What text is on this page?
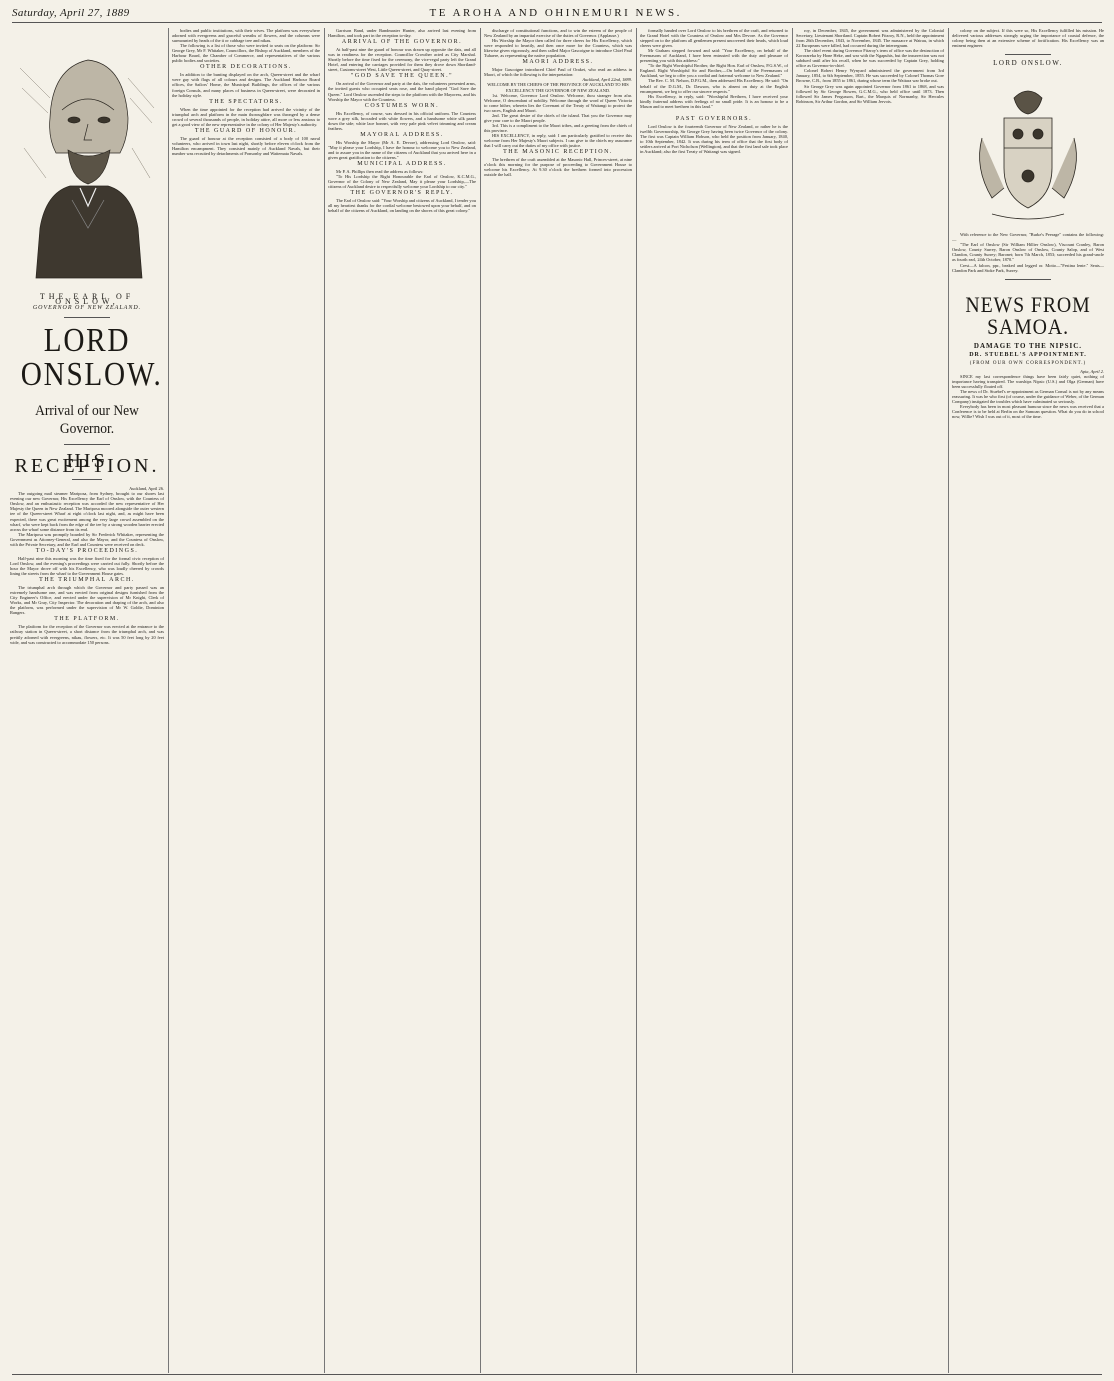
Saturday, April 27, 1889	TE AROHA AND OHINEMURI NEWS.
THE EARL OF ONSLOW,
GOVERNOR OF NEW ZEALAND.
LORD ONSLOW.
Arrival of our New Governor.
HIS RECEPTION.

Auckland, April 26.

The outgoing mail steamer Mariposa, from Sydney, brought to our shores last evening our new Governor, His Excellency the Earl of Onslow, with the Countess of Onslow, and an enthusiastic reception was accorded the new representative of Her Majesty the Queen in New Zealand. The Mariposa moored alongside the outer western tee of the Queen-street Wharf at eight o'clock last night, and, as might have been expected, there was great excitement among the very large crowd assembled on the wharf, who were kept back from the edge of the tee by a strong wooden barrier erected across the wharf some distance from its end.

The Mariposa was promptly boarded by Sir Frederick Whitaker, representing the Government as Attorney-General, and also the Mayor, and the Countess of Onslow, with the Private Secretary, and the Earl and Countess were received on deck.

TO-DAY'S PROCEEDINGS.

Half-past nine this morning was the time fixed for the formal civic reception of Lord Onslow, and the evening's proceedings were carried out fully. Shortly before the hour the Mayor drove off with his Excellency, who was loudly cheered by crowds lining the streets from the wharf to the Government House gates.

THE TRIUMPHAL ARCH.

The triumphal arch through which the Governor and party passed was an extremely handsome one, and was erected from original designs furnished from the City Engineer's Office, and erected under the supervision of Mr Knight, Clerk of Works, and Mr Gray, City Inspector. The decoration and draping of the arch, and also the platform, was performed under the supervision of Mr W. Goldie, Dominion Rangers.

THE PLATFORM.

The platform for the reception of the Governor was erected at the entrance to the railway station in Queen-street, a short distance from the triumphal arch, and was prettily adorned with evergreens, nikau, flowers, etc. It was 50 feet long by 20 feet wide, and was constructed to accommodate 150 persons.

bodies and public institutions, with their wives. The platform was everywhere adorned with evergreens and graceful wreaths of flowers, and the columns were surmounted by heads of the ti or cabbage tree and nikau.

The following is a list of those who were invited to seats on the platform: Sir George Grey, Mr F. Whitaker, Councillors, the Bishop of Auckland, members of the Harbour Board, the Chamber of Commerce, and representatives of the various public bodies and societies.

OTHER DECORATIONS.

In addition to the bunting displayed on the arch, Queen-street and the wharf were gay with flags of all colours and designs. The Auckland Harbour Board offices, the Sailors' Home, the Municipal Buildings, the offices of the various foreign Consuls, and many places of business in Queen-street, were decorated in the holiday style.

THE SPECTATORS.

When the time appointed for the reception had arrived the vicinity of the triumphal arch and platform in the main thoroughfare was thronged by a dense crowd of several thousands of people, in holiday attire, all more or less anxious to get a good view of the new representative in the colony of Her Majesty's authority.

THE GUARD OF HONOUR.

The guard of honour at the reception consisted of a body of 100 naval volunteers, who arrived in town last night, shortly before eleven o'clock from the Hamilton encampment. They consisted mainly of Auckland Navals, but their number was recruited by detachments of Ponsonby and Waitemata Navals.

Garrison Band, under Bandmaster Hunter, also arrived last evening from Hamilton, and took part in the reception to-day.

ARRIVAL OF THE GOVERNOR.

At half-past nine the guard of honour was drawn up opposite the dais, and all was in readiness for the reception. Councillor Crowther acted as City Marshal. Shortly before the time fixed for the ceremony, the vice-regal party left the Grand Hotel, and entering the carriages provided for them they drove down Shortland-street, Customs-street West, Little Queen-street, and Quay-street.

"GOD SAVE THE QUEEN."

On arrival of the Governor and party at the dais, the volunteers presented arms, the invited guests who occupied seats rose, and the band played "God Save the Queen." Lord Onslow ascended the steps to the platform with the Mayoress, and his Worship the Mayor with the Countess.

COSTUMES WORN.

His Excellency, of course, was dressed in his official uniform. The Countess wore a grey silk, brocaded with white flowers, and a handsome white silk panel down the side; white lace bonnet, with very pale pink velvet trimming and cream feathers.

MAYORAL ADDRESS.

His Worship the Mayor (Mr A. E. Devore), addressing Lord Onslow, said: "May it please your Lordship, I have the honour to welcome you to New Zealand, and to assure you in the name of the citizens of Auckland that you arrived here in a given great gratification to the citizens."

MUNICIPAL ADDRESS.

Mr P. A. Phillips then read the address as follows:

"To His Lordship the Right Honourable the Earl of Onslow, K.C.M.G., Governor of the Colony of New Zealand, May it please your Lordship,—The citizens of Auckland desire to respectfully welcome your Lordship to our city."

THE GOVERNOR'S REPLY.

The Earl of Onslow said: "Your Worship and citizens of Auckland, I tender you all my heartiest thanks for the cordial welcome bestowed upon your behalf, and on behalf of the citizens of Auckland, on landing on the shores of this great colony."

discharge of constitutional functions, and to win the esteem of the people of New Zealand by an impartial exercise of the duties of Governor. (Applause.)

His Worship the Mayor then called for three cheers for His Excellency, which were responded to heartily, and then once more for the Countess, which was likewise given vigorously, and then called Major Gascoigne to introduce Chief Paul Tuhaere, as representing the native population.

MAORI ADDRESS.

Major Gascoigne introduced Chief Paul of Orakei, who read an address in Maori, of which the following is the interpretation:

Auckland, April 22nd, 1889.

WELCOME BY THE CHIEFS OF THE PROVINCE OF AUCKLAND TO HIS EXCELLENCY THE GOVERNOR OF NEW ZEALAND.

1st. Welcome, Governor Lord Onslow. Welcome, thou stranger from afar. Welcome, O descendant of nobility. Welcome through the word of Queen Victoria to come hither, wherein lies the Covenant of the Treaty of Waitangi to protect the two races, English and Maori.

2nd. The great desire of the chiefs of the island. That you the Governor may give your care to the Maori people.

3rd. This is a compliment to the Maori tribes, and a greeting from the chiefs of this province.

HIS EXCELLENCY, in reply, said: I am particularly gratified to receive this welcome from Her Majesty's Maori subjects. I can give to the chiefs my assurance that I will carry out the duties of my office with justice.

THE MASONIC RECEPTION.

The brethren of the craft assembled at the Masonic Hall, Princes-street, at nine o'clock this morning for the purpose of proceeding to Government House to welcome his Excellency. At 9.30 o'clock the brethren formed into procession outside the hall.

formally handed over Lord Onslow to his brethren of the craft, and returned to the Grand Hotel with the Countess of Onslow and Mrs Devore. As the Governor stepped on to the platform all gentlemen present uncovered their heads, which loud cheers were given.

Mr Graham stepped forward and said: "Your Excellency, on behalf of the Freemasons of Auckland, I have been entrusted with the duty and pleasure of presenting you with this address:"

"To the Right Worshipful Brother, the Right Hon. Earl of Onslow, P.G.S.W., of England. Right Worshipful Sir and Brother,—On behalf of the Freemasons of Auckland, we beg to offer you a cordial and fraternal welcome to New Zealand."

The Rev. C. M. Nelson, D.P.G.M., then addressed His Excellency. He said: "On behalf of the D.G.M., Dr. Dawson, who is absent on duty at the English encampment, we beg to offer our sincere respects."

His Excellency, in reply, said: "Worshipful Brethren, I have received your kindly fraternal address with feelings of no small pride. It is an honour to be a Mason and to meet brethren in this land."

PAST GOVERNORS.

Lord Onslow is the fourteenth Governor of New Zealand, or rather he is the twelfth Governorship, Sir George Grey having been twice Governor of the colony. The first was Captain William Hobson, who held the position from January, 1840, to 10th September, 1842. It was during his term of office that the first body of settlers arrived at Port Nicholson (Wellington), and that the first land sale took place in Auckland; also the first Treaty of Waitangi was signed.

roy, in December, 1845, the government was administered by the Colonial Secretary, Lieutenant Shortland. Captain Robert Fitzroy, R.N., held the appointment from 26th December, 1843, to November, 1845. The massacre at Wairau, in which 22 Europeans were killed, had occurred during the interregnum.

The chief event during Governor Fitzroy's term of office was the destruction of Kororareka by Hone Heke, and war with the Ngapuhis, but the insurrection was not subdued until after his recall, when he was succeeded by Captain Grey, holding office as Governor-in-chief.

Colonel Robert Henry Wynyard administered the government from 3rd January, 1854, to 6th September, 1855. He was succeeded by Colonel Thomas Gore Browne, C.B., from 1855 to 1861, during whose term the Waitara war broke out.

Sir George Grey was again appointed Governor from 1861 to 1868, and was followed by Sir George Bowen, G.C.M.G., who held office until 1873. Then followed Sir James Fergusson, Bart., the Marquis of Normanby, Sir Hercules Robinson, Sir Arthur Gordon, and Sir William Jervois.

colony on the subject. If this were so, His Excellency fulfilled his mission. He delivered various addresses strongly urging the importance of coastal defence, the colony being then at an extensive scheme of fortification. His Excellency was an eminent engineer.

LORD ONSLOW.

With reference to the New Governor, "Burke's Peerage" contains the following:—

"The Earl of Onslow (Sir William Hillier Onslow), Viscount Cranley, Baron Onslow, County Surrey, Baron Onslow of Onslow, County Salop, and of West Clandon, County Surrey; Baronet; born 7th March, 1853; succeeded his grand-uncle as fourth earl, 24th October, 1870."

Crest—A falcon, ppr., beaked and legged or. Motto—"Festina lente." Seats—Clandon Park and Stoke Park, Surrey.

NEWS FROM SAMOA.
DAMAGE TO THE NIPSIC.
DR. STUEBEL'S APPOINTMENT.
(FROM OUR OWN CORRESPONDENT.)

Apia, April 2.

SINCE my last correspondence things have been fairly quiet, nothing of importance having transpired. The warships Nipsic (U.S.) and Olga (German) have been successfully floated off.

The news of Dr. Stuebel's re-appointment as German Consul is not by any means reassuring. It was he who first (of course, under the guidance of Weber, of the German Company) instigated the troubles which have culminated so seriously.

Everybody has been in most pleasant humour since the news was received that a Conference is to be held at Berlin on the Samoan question. What do you do in school now, Willie? Wish I was out of it, most of the time.
